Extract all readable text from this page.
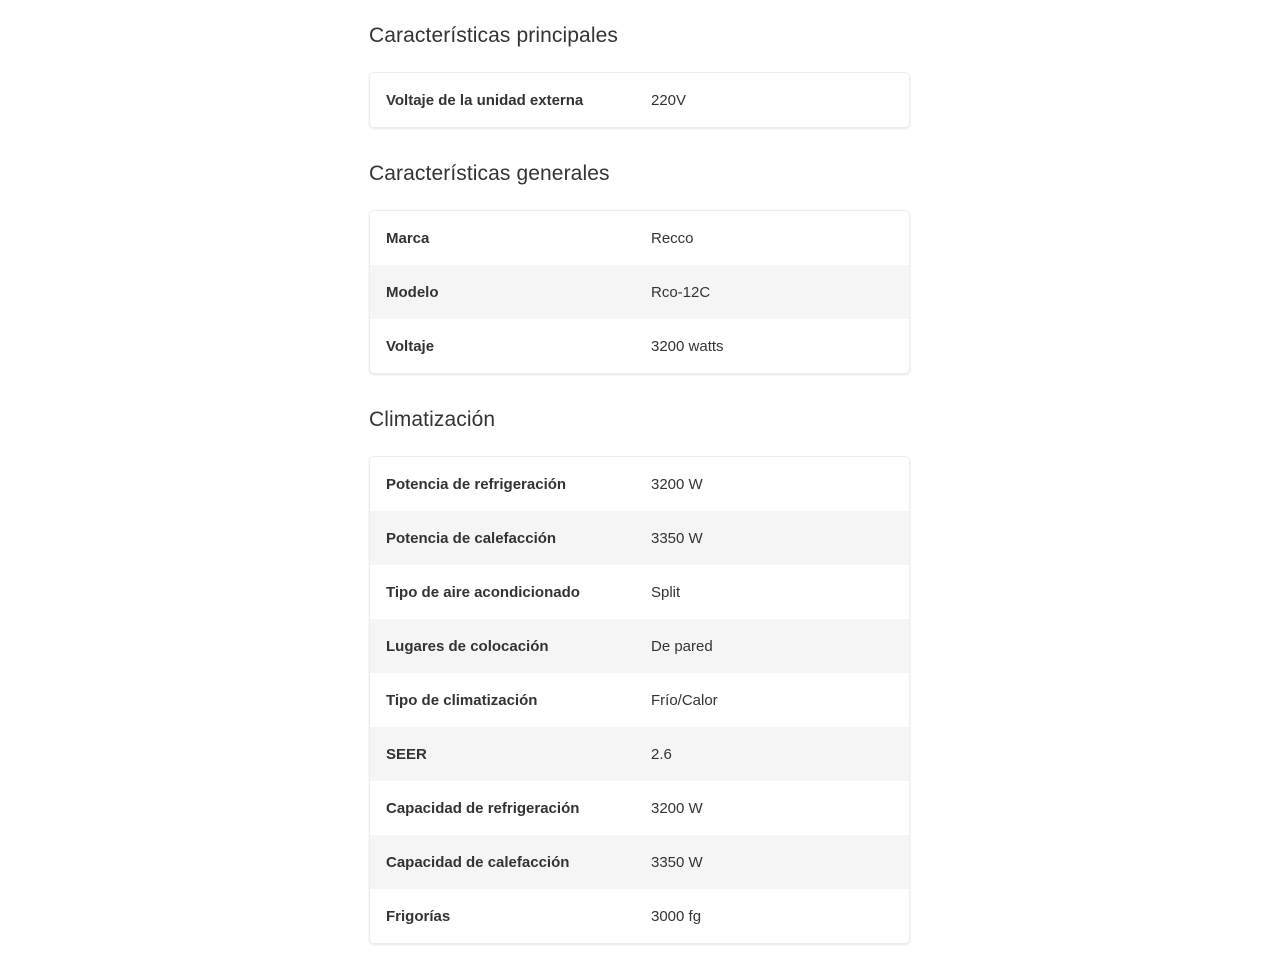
Características principales
Voltaje de la unidad externa	220V
Características generales
Marca	Recco
Modelo	Rco-12C
Voltaje	3200 watts
Climatización
Potencia de refrigeración	3200 W
Potencia de calefacción	3350 W
Tipo de aire acondicionado	Split
Lugares de colocación	De pared
Tipo de climatización	Frío/Calor
SEER	2.6
Capacidad de refrigeración	3200 W
Capacidad de calefacción	3350 W
Frigorías	3000 fg
